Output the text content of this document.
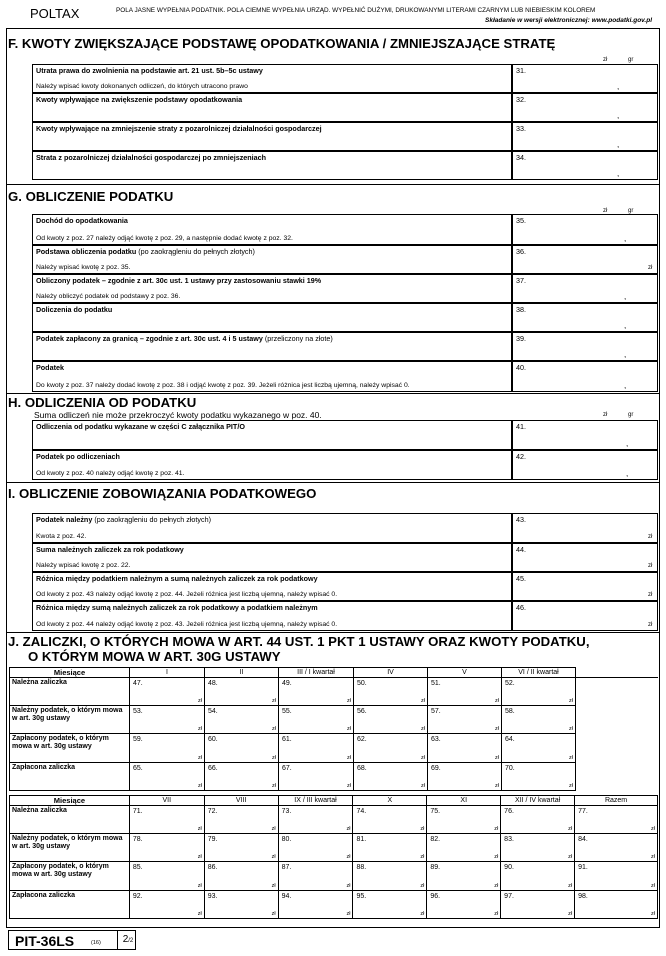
POLTAX	POLA JASNE WYPEŁNIA PODATNIK. POLA CIEMNE WYPEŁNIA URZĄD. WYPEŁNIĆ DUŻYMI, DRUKOWANYMI LITERAMI CZARNYM LUB NIEBIESKIM KOLOREM
Składanie w wersji elektronicznej: www.podatki.gov.pl
F. KWOTY ZWIĘKSZAJĄCE PODSTAWĘ OPODATKOWANIA / ZMNIEJSZAJĄCE STRATĘ
zł	gr
Utrata prawa do zwolnienia na podstawie art. 21 ust. 5b–5c ustawy
Należy wpisać kwoty dokonanych odliczeń, do których utracono prawo
31.
,
Kwoty wpływające na zwiększenie podstawy opodatkowania	32.
,
Kwoty wpływające na zmniejszenie straty z pozarolniczej działalności gospodarczej	33.
,
Strata z pozarolniczej działalności gospodarczej po zmniejszeniach	34.
,
G. OBLICZENIE PODATKU
zł	gr
Dochód do opodatkowania
Od kwoty z poz. 27 należy odjąć kwotę z poz. 29, a następnie dodać kwotę z poz. 32.
35.
,
Podstawa obliczenia podatku (po zaokrągleniu do pełnych złotych)
Należy wpisać kwotę z poz. 35.
36.
zł
Obliczony podatek – zgodnie z art. 30c ust. 1 ustawy przy zastosowaniu stawki 19%
Należy obliczyć podatek od podstawy z poz. 36.
37.
,
Doliczenia do podatku	38.
,
Podatek zapłacony za granicą – zgodnie z art. 30c ust. 4 i 5 ustawy (przeliczony na złote)	39.
,
Podatek
Do kwoty z poz. 37 należy dodać kwotę z poz. 38 i odjąć kwotę z poz. 39. Jeżeli różnica jest liczbą ujemną, należy wpisać 0.
40.
,
H. ODLICZENIA OD PODATKU
Suma odliczeń nie może przekroczyć kwoty podatku wykazanego w poz. 40.	zł	gr
Odliczenia od podatku wykazane w części C załącznika PIT/O	41.
,
Podatek po odliczeniach
Od kwoty z poz. 40 należy odjąć kwotę z poz. 41.
42.
,
I. OBLICZENIE ZOBOWIĄZANIA PODATKOWEGO
Podatek należny (po zaokrągleniu do pełnych złotych)
Kwota z poz. 42.
43.
zł
Suma należnych zaliczek za rok podatkowy
Należy wpisać kwotę z poz. 22.
44.
zł
Różnica między podatkiem należnym a sumą należnych zaliczek za rok podatkowy
Od kwoty z poz. 43 należy odjąć kwotę z poz. 44. Jeżeli różnica jest liczbą ujemną, należy wpisać 0.
45.
zł
Różnica między sumą należnych zaliczek za rok podatkowy a podatkiem należnym
Od kwoty z poz. 44 należy odjąć kwotę z poz. 43. Jeżeli różnica jest liczbą ujemną, należy wpisać 0.
46.
zł
J. ZALICZKI, O KTÓRYCH MOWA W ART. 44 UST. 1 PKT 1 USTAWY ORAZ KWOTY PODATKU,
O KTÓRYM MOWA W ART. 30G USTAWY
Miesiące	I	II	III / I kwartał	IV	V	VI / II kwartał	
Należna zaliczka	47.
zł	48.
zł	49.
zł	50.
zł	51.
zł	52.
zł	

Należny podatek, o którym mowa w art. 30g ustawy	53.
zł	54.
zł	55.
zł	56.
zł	57.
zł	58.
zł	

Zapłacony podatek, o którym mowa w art. 30g ustawy	59.
zł	60.
zł	61.
zł	62.
zł	63.
zł	64.
zł	

Zapłacona zaliczka	65.
zł	66.
zł	67.
zł	68.
zł	69.
zł	70.
zł	

Miesiące	VII	VIII	IX / III kwartał	X	XI	XII / IV kwartał	Razem
Należna zaliczka	71.
zł	72.
zł	73.
zł	74.
zł	75.
zł	76.
zł	77.
zł

Należny podatek, o którym mowa w art. 30g ustawy	78.
zł	79.
zł	80.
zł	81.
zł	82.
zł	83.
zł	84.
zł

Zapłacony podatek, o którym mowa w art. 30g ustawy	85.
zł	86.
zł	87.
zł	88.
zł	89.
zł	90.
zł	91.
zł

Zapłacona zaliczka	92.
zł	93.
zł	94.
zł	95.
zł	96.
zł	97.
zł	98.
zł
PIT-36LS	(16)	2/2
